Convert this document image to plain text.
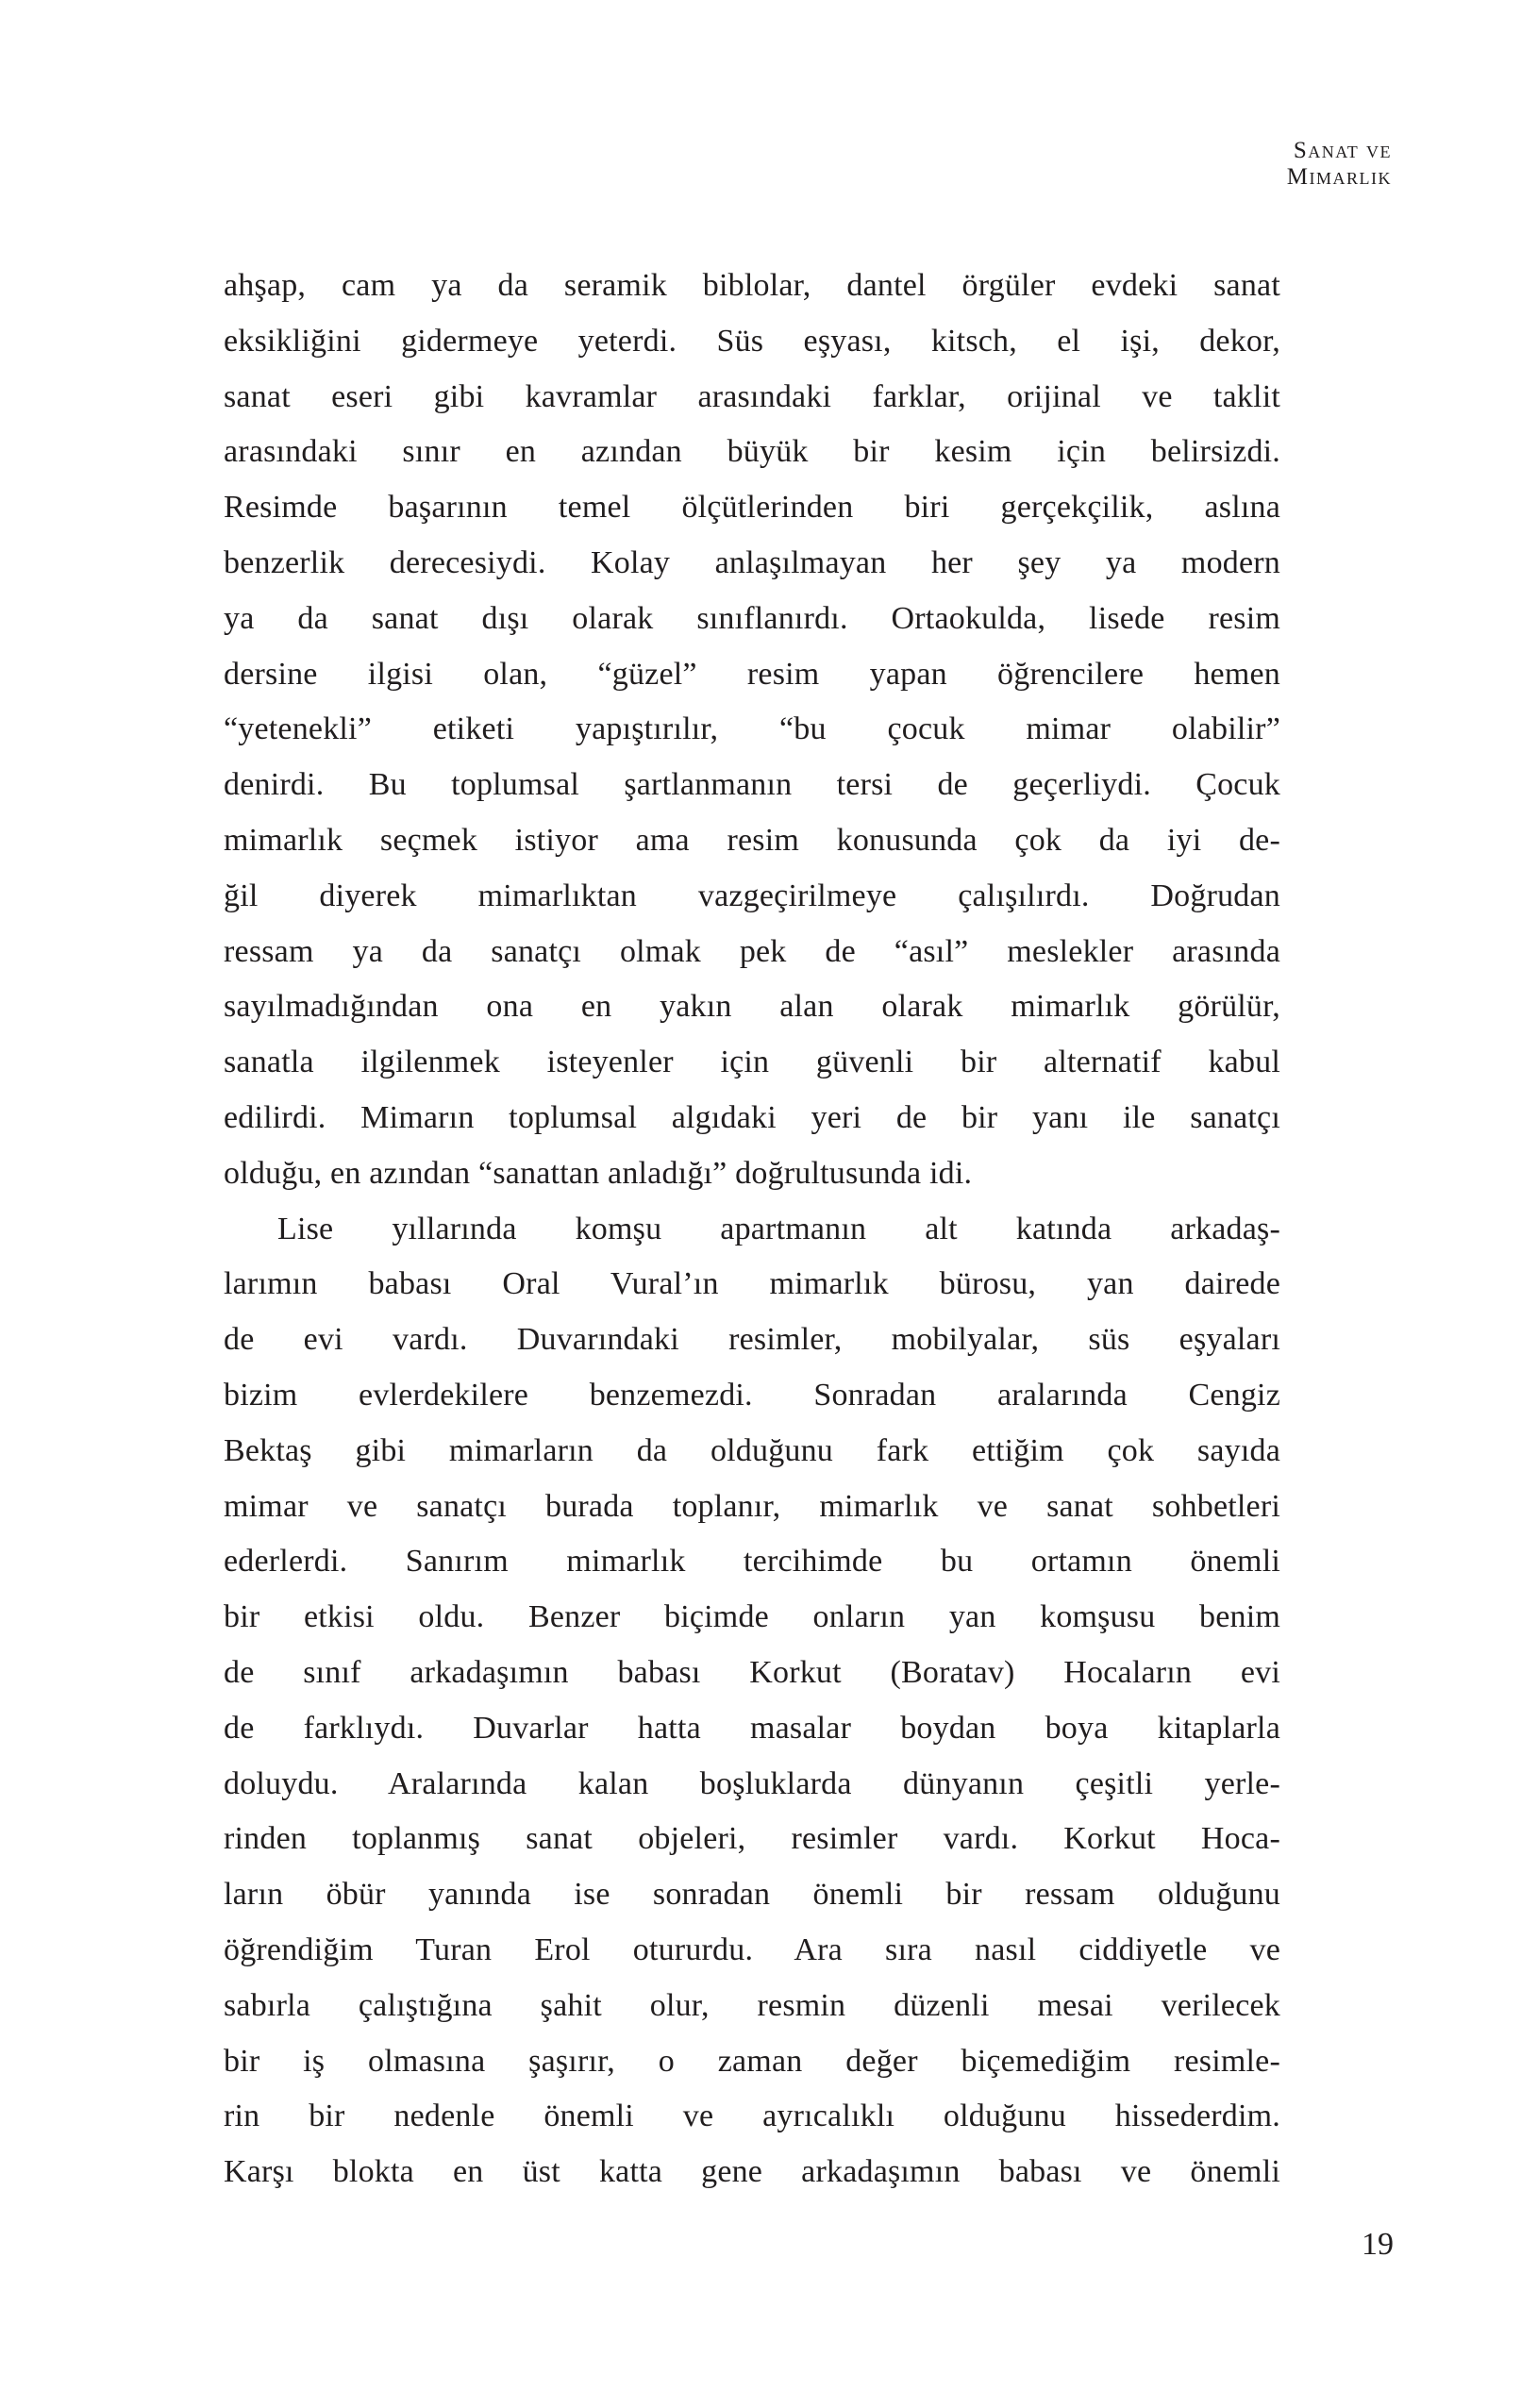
Sanat ve
Mimarlık
ahşap, cam ya da seramik biblolar, dantel örgüler evdeki sanat
eksikliğini gidermeye yeterdi. Süs eşyası, kitsch, el işi, dekor,
sanat eseri gibi kavramlar arasındaki farklar, orijinal ve taklit
arasındaki sınır en azından büyük bir kesim için belirsizdi.
Resimde başarının temel ölçütlerinden biri gerçekçilik, aslına
benzerlik derecesiydi. Kolay anlaşılmayan her şey ya modern
ya da sanat dışı olarak sınıflanırdı. Ortaokulda, lisede resim
dersine ilgisi olan, “güzel” resim yapan öğrencilere hemen
“yetenekli” etiketi yapıştırılır, “bu çocuk mimar olabilir”
denirdi. Bu toplumsal şartlanmanın tersi de geçerliydi. Çocuk
mimarlık seçmek istiyor ama resim konusunda çok da iyi de-
ğil diyerek mimarlıktan vazgeçirilmeye çalışılırdı. Doğrudan
ressam ya da sanatçı olmak pek de “asıl” meslekler arasında
sayılmadığından ona en yakın alan olarak mimarlık görülür,
sanatla ilgilenmek isteyenler için güvenli bir alternatif kabul
edilirdi. Mimarın toplumsal algıdaki yeri de bir yanı ile sanatçı
olduğu, en azından “sanattan anladığı” doğrultusunda idi.
Lise yıllarında komşu apartmanın alt katında arkadaş-
larımın babası Oral Vural’ın mimarlık bürosu, yan dairede
de evi vardı. Duvarındaki resimler, mobilyalar, süs eşyaları
bizim evlerdekilere benzemezdi. Sonradan aralarında Cengiz
Bektaş gibi mimarların da olduğunu fark ettiğim çok sayıda
mimar ve sanatçı burada toplanır, mimarlık ve sanat sohbetleri
ederlerdi. Sanırım mimarlık tercihimde bu ortamın önemli
bir etkisi oldu. Benzer biçimde onların yan komşusu benim
de sınıf arkadaşımın babası Korkut (Boratav) Hocaların evi
de farklıydı. Duvarlar hatta masalar boydan boya kitaplarla
doluydu. Aralarında kalan boşluklarda dünyanın çeşitli yerle-
rinden toplanmış sanat objeleri, resimler vardı. Korkut Hoca-
ların öbür yanında ise sonradan önemli bir ressam olduğunu
öğrendiğim Turan Erol otururdu. Ara sıra nasıl ciddiyetle ve
sabırla çalıştığına şahit olur, resmin düzenli mesai verilecek
bir iş olmasına şaşırır, o zaman değer biçemediğim resimle-
rin bir nedenle önemli ve ayrıcalıklı olduğunu hissederdim.
Karşı blokta en üst katta gene arkadaşımın babası ve önemli
19
